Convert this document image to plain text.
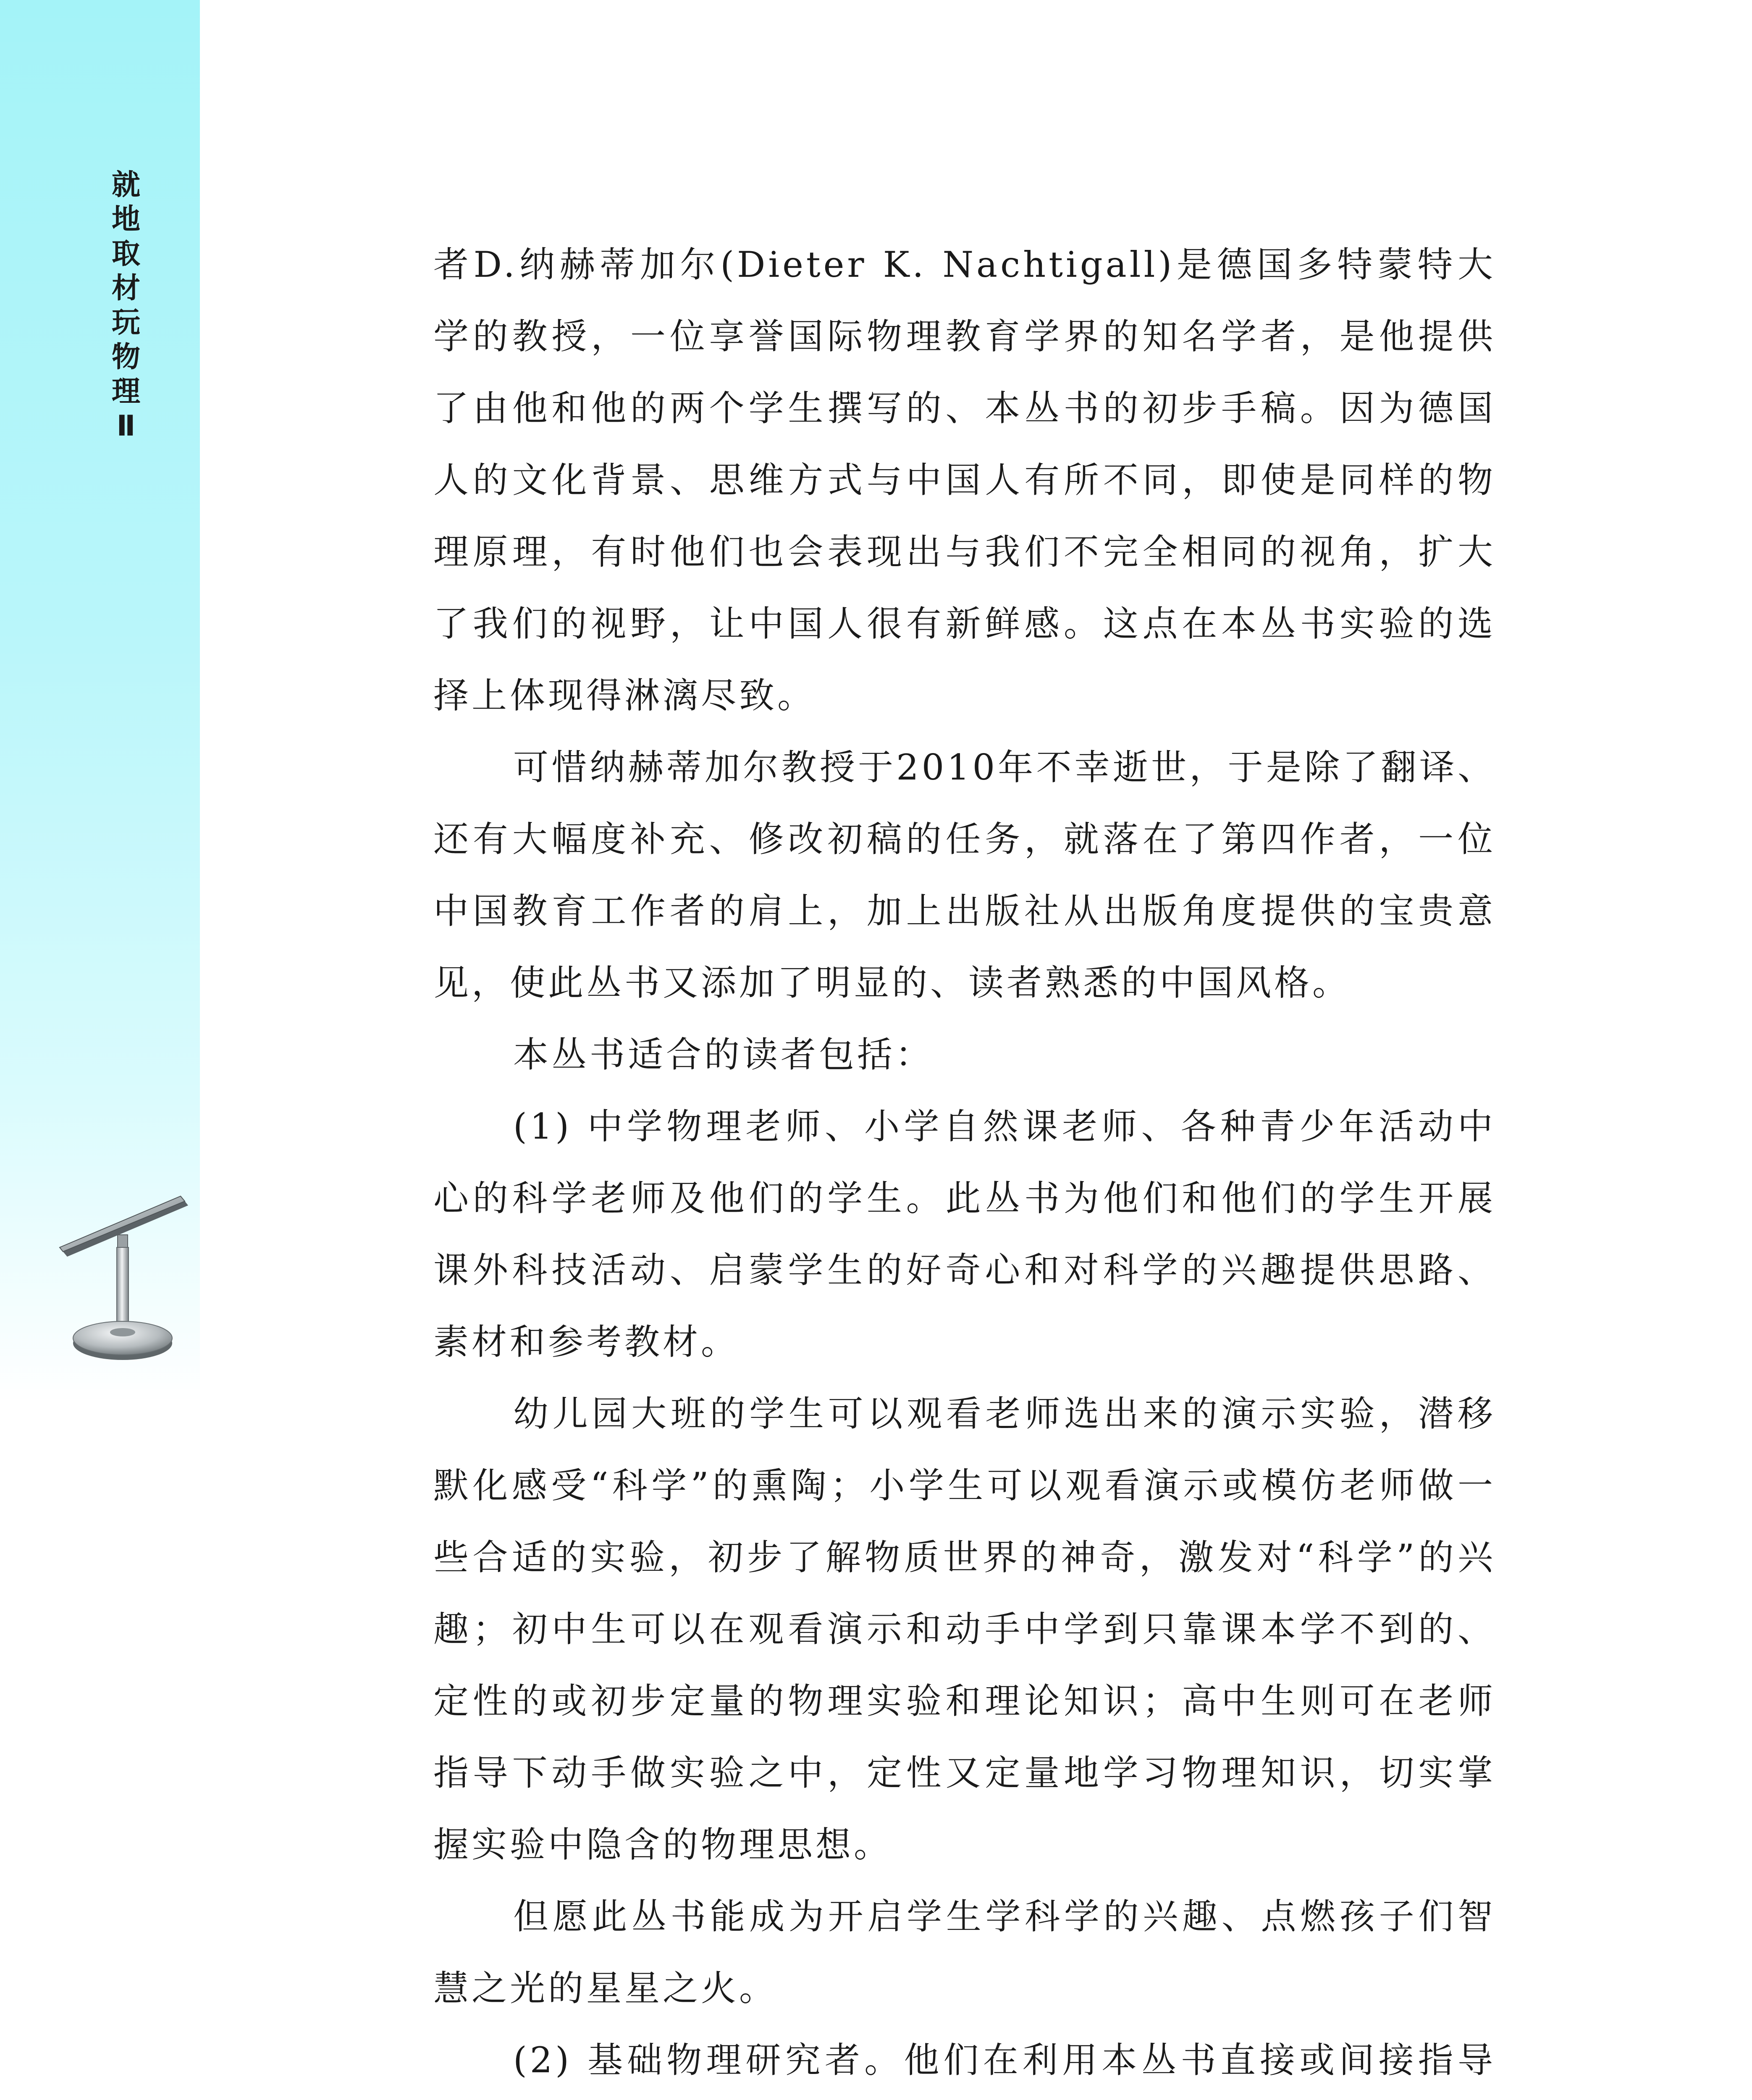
就地取材玩物理Ⅱ

者D.纳赫蒂加尔(Dieter K. Nachtigall)是德国多特蒙特大学的教授，一位享誉国际物理教育学界的知名学者，是他提供了由他和他的两个学生撰写的、本丛书的初步手稿。因为德国人的文化背景、思维方式与中国人有所不同，即使是同样的物理原理，有时他们也会表现出与我们不完全相同的视角，扩大了我们的视野，让中国人很有新鲜感。这点在本丛书实验的选择上体现得淋漓尽致。

可惜纳赫蒂加尔教授于2010年不幸逝世，于是除了翻译、还有大幅度补充、修改初稿的任务，就落在了第四作者，一位中国教育工作者的肩上，加上出版社从出版角度提供的宝贵意见，使此丛书又添加了明显的、读者熟悉的中国风格。

本丛书适合的读者包括：

(1) 中学物理老师、小学自然课老师、各种青少年活动中心的科学老师及他们的学生。此丛书为他们和他们的学生开展课外科技活动、启蒙学生的好奇心和对科学的兴趣提供思路、素材和参考教材。

幼儿园大班的学生可以观看老师选出来的演示实验，潜移默化感受“科学”的熏陶；小学生可以观看演示或模仿老师做一些合适的实验，初步了解物质世界的神奇，激发对“科学”的兴趣；初中生可以在观看演示和动手中学到只靠课本学不到的、定性的或初步定量的物理实验和理论知识；高中生则可在老师指导下动手做实验之中，定性又定量地学习物理知识，切实掌握实验中隐含的物理思想。

但愿此丛书能成为开启学生学科学的兴趣、点燃孩子们智慧之光的星星之火。

(2) 基础物理研究者。他们在利用本丛书直接或间接指导
